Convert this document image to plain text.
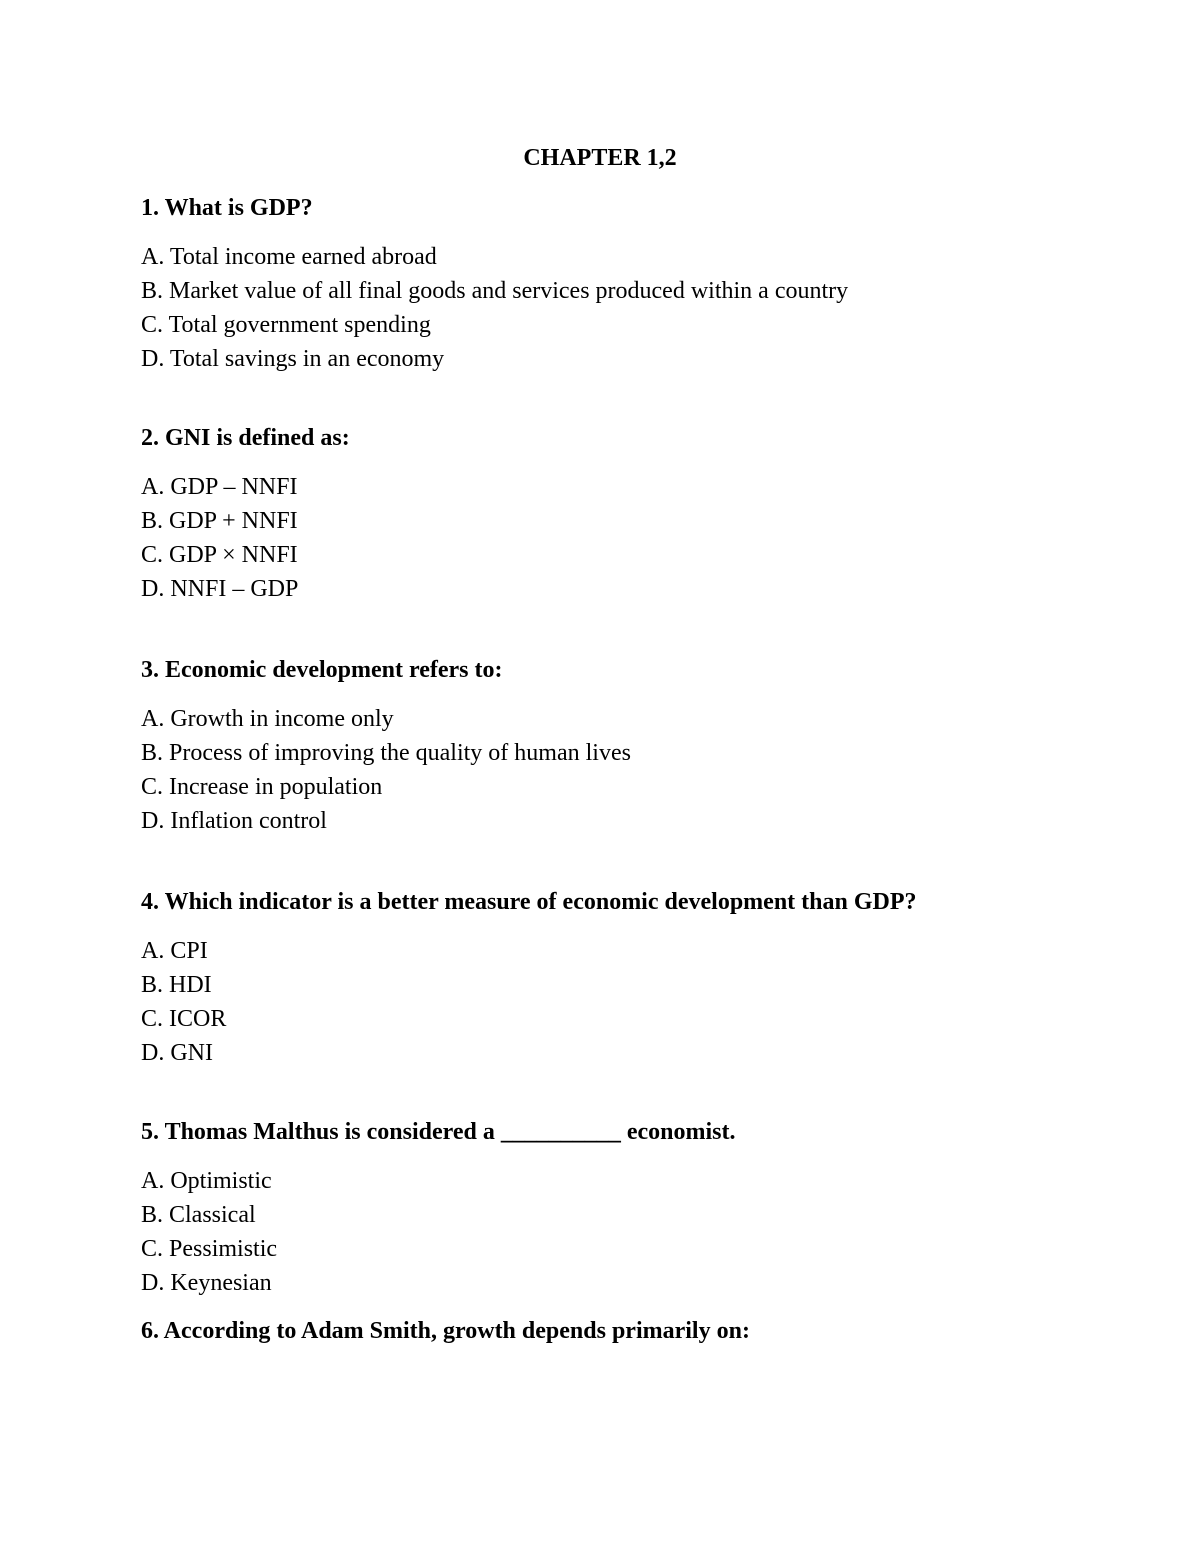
CHAPTER 1,2

1. What is GDP?

A. Total income earned abroad
B. Market value of all final goods and services produced within a country
C. Total government spending
D. Total savings in an economy

2. GNI is defined as:

A. GDP – NNFI
B. GDP + NNFI
C. GDP × NNFI
D. NNFI – GDP

3. Economic development refers to:

A. Growth in income only
B. Process of improving the quality of human lives
C. Increase in population
D. Inflation control

4. Which indicator is a better measure of economic development than GDP?

A. CPI
B. HDI
C. ICOR
D. GNI

5. Thomas Malthus is considered a __________ economist.

A. Optimistic
B. Classical
C. Pessimistic
D. Keynesian

6. According to Adam Smith, growth depends primarily on:
